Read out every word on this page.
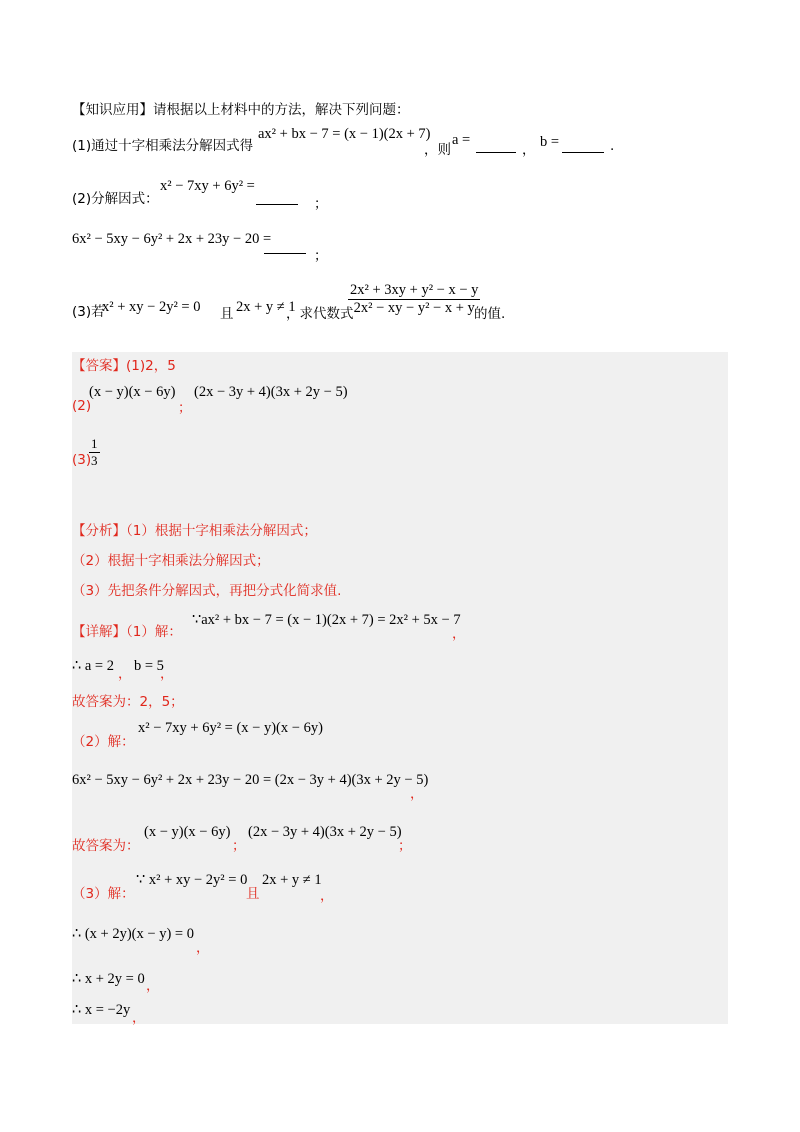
【知识应用】请根据以上材料中的方法，解决下列问题：
(1)通过十字相乘法分解因式得
ax² + bx − 7 = (x − 1)(2x + 7)
，则
a =
， b =	.
(2)分解因式：
x² − 7xy + 6y² =
；
6x² − 5xy − 6y² + 2x + 23y − 20 =
；
(3)若
x² + xy − 2y² = 0 且 2x + y ≠ 1
，求代数式
$\frac{\text{2x² + 3xy + y² − x − y}}{\text{2x² − xy − y² − x + y}}$
的值.
【答案】(1)2，5
(2)
(x − y)(x − 6y)
；
(2x − 3y + 4)(3x + 2y − 5)
(3)
$\frac{1}{3}$
【分析】（1）根据十字相乘法分解因式；
（2）根据十字相乘法分解因式；
（3）先把条件分解因式，再把分式化简求值.
【详解】（1）解：
∵ax² + bx − 7 = (x − 1)(2x + 7) = 2x² + 5x − 7
，
∴ a = 2 ， b = 5
，
故答案为：2，5；
（2）解：
x² − 7xy + 6y² = (x − y)(x − 6y)
6x² − 5xy − 6y² + 2x + 23y − 20 = (2x − 3y + 4)(3x + 2y − 5)
，
故答案为：
(x − y)(x − 6y)
；
(2x − 3y + 4)(3x + 2y − 5)
；
（3）解：
∵ x² + xy − 2y² = 0
且
2x + y ≠ 1
，
∴ (x + 2y)(x − y) = 0
，
∴ x + 2y = 0 ，
∴ x = −2y ，
